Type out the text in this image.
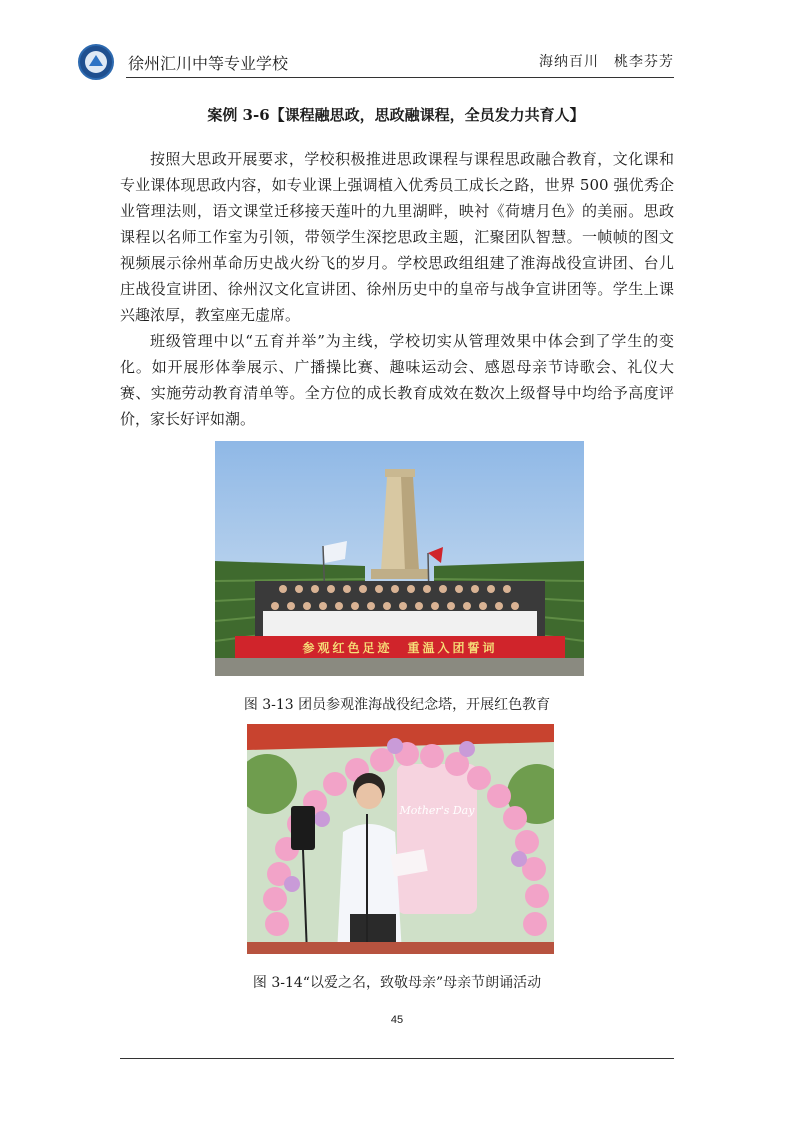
徐州汇川中等专业学校	海纳百川　桃李芬芳
案例 3-6【课程融思政，思政融课程，全员发力共育人】
按照大思政开展要求，学校积极推进思政课程与课程思政融合教育，文化课和专业课体现思政内容，如专业课上强调植入优秀员工成长之路，世界 500 强优秀企业管理法则，语文课堂迁移接天莲叶的九里湖畔，映衬《荷塘月色》的美丽。思政课程以名师工作室为引领，带领学生深挖思政主题，汇聚团队智慧。一帧帧的图文视频展示徐州革命历史战火纷飞的岁月。学校思政组组建了淮海战役宣讲团、台儿庄战役宣讲团、徐州汉文化宣讲团、徐州历史中的皇帝与战争宣讲团等。学生上课兴趣浓厚，教室座无虚席。
班级管理中以“五育并举”为主线，学校切实从管理效果中体会到了学生的变化。如开展形体拳展示、广播操比赛、趣味运动会、感恩母亲节诗歌会、礼仪大赛、实施劳动教育清单等。全方位的成长教育成效在数次上级督导中均给予高度评价，家长好评如潮。
参观红色足迹　重温入团誓词
图 3-13 团员参观淮海战役纪念塔，开展红色教育
Mother's Day
图 3-14“以爱之名，致敬母亲”母亲节朗诵活动
45
